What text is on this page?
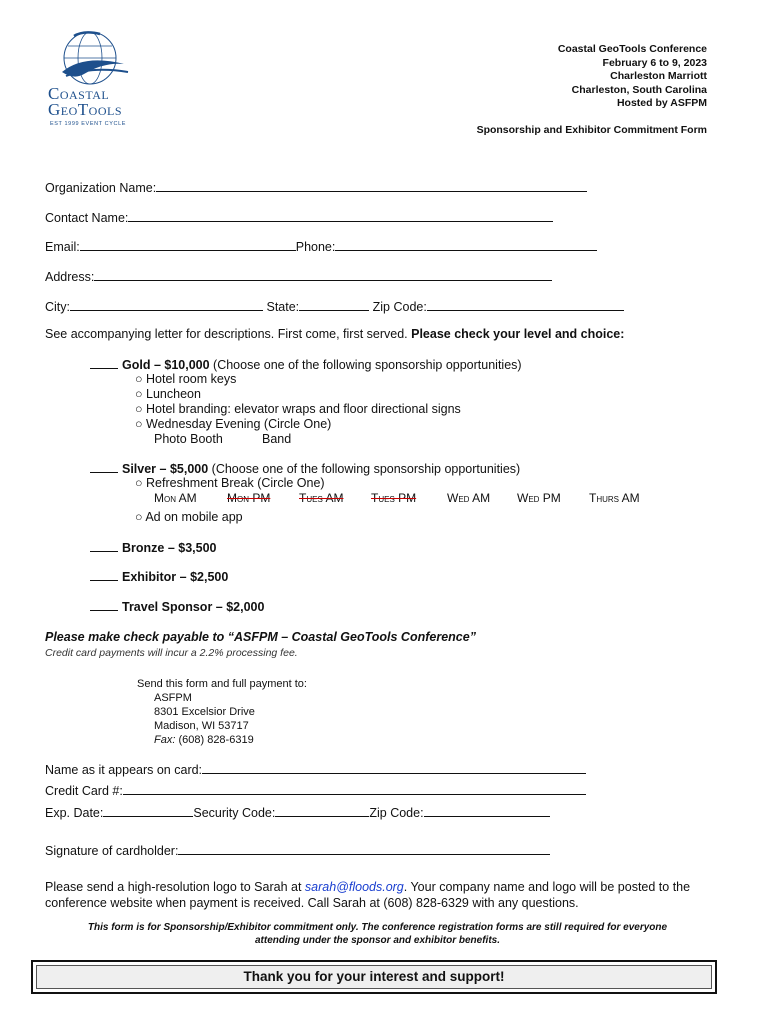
Coastal
GeoTools
EST 1999 EVENT CYCLE
Coastal GeoTools Conference
February 6 to 9, 2023
Charleston Marriott
Charleston, South Carolina
Hosted by ASFPM
Sponsorship and Exhibitor Commitment Form
Organization Name:
Contact Name:
Email:	Phone:
Address:
City:	State:	Zip Code:
See accompanying letter for descriptions. First come, first served. Please check your level and choice:
Gold – $10,000 (Choose one of the following sponsorship opportunities)
○ Hotel room keys
○ Luncheon
○ Hotel branding: elevator wraps and floor directional signs
○ Wednesday Evening (Circle One)
Photo Booth	Band
Silver – $5,000 (Choose one of the following sponsorship opportunities)
○ Refreshment Break (Circle One)
Mon AM	Mon PM Tues AM Tues PM	Wed AM Wed PM Thurs AM
○ Ad on mobile app
Bronze – $3,500
Exhibitor – $2,500
Travel Sponsor – $2,000
Please make check payable to “ASFPM – Coastal GeoTools Conference”
Credit card payments will incur a 2.2% processing fee.
Send this form and full payment to:
ASFPM
8301 Excelsior Drive
Madison, WI 53717
Fax: (608) 828-6319
Name as it appears on card:
Credit Card #:
Exp. Date:	Security Code:	Zip Code:
Signature of cardholder:
Please send a high-resolution logo to Sarah at sarah@floods.org. Your company name and logo will be posted to the
conference website when payment is received. Call Sarah at (608) 828-6329 with any questions.
This form is for Sponsorship/Exhibitor commitment only. The conference registration forms are still required for everyone
attending under the sponsor and exhibitor benefits.
Thank you for your interest and support!
